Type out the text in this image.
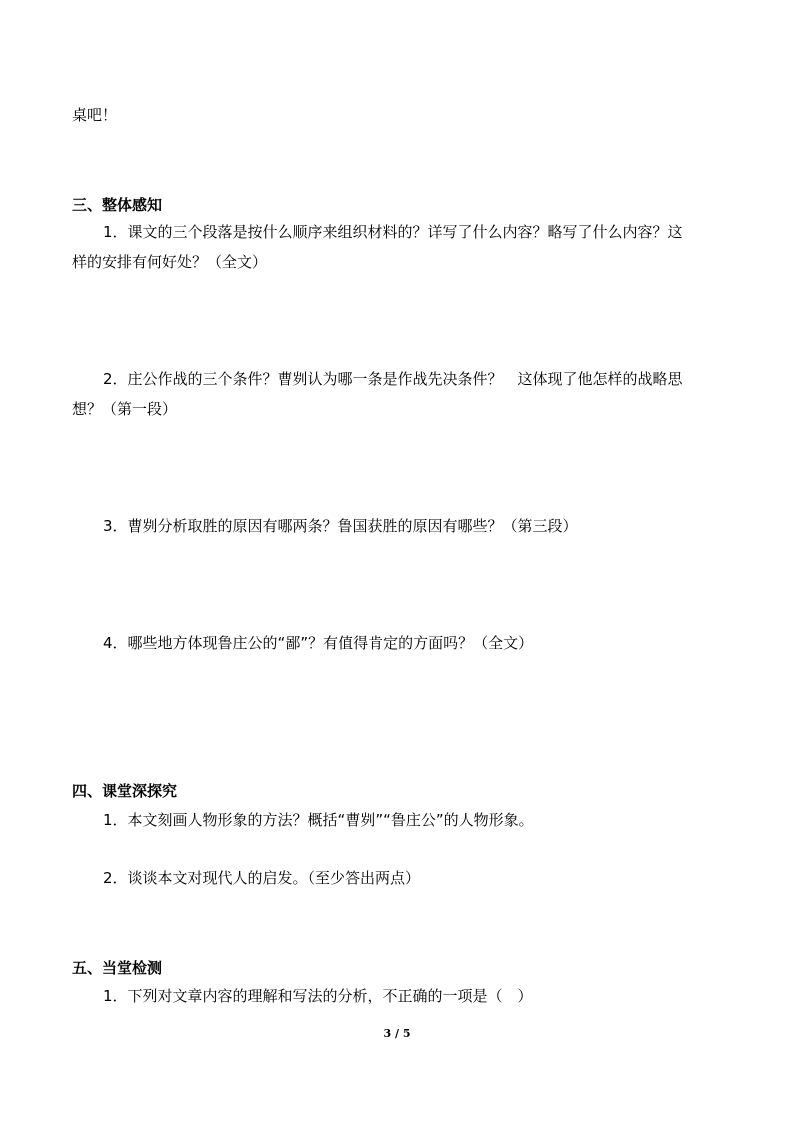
桌吧！
三、整体感知
1．课文的三个段落是按什么顺序来组织材料的？详写了什么内容？略写了什么内容？这
样的安排有何好处？（全文）
2．庄公作战的三个条件？曹刿认为哪一条是作战先决条件？　这体现了他怎样的战略思
想？（第一段）
3．曹刿分析取胜的原因有哪两条？鲁国获胜的原因有哪些？（第三段）
4．哪些地方体现鲁庄公的“鄙”？有值得肯定的方面吗？（全文）
四、课堂深探究
1．本文刻画人物形象的方法？概括“曹刿”“鲁庄公”的人物形象。
2．谈谈本文对现代人的启发。（至少答出两点）
五、当堂检测
1．下列对文章内容的理解和写法的分析，不正确的一项是（　）
3 / 5
